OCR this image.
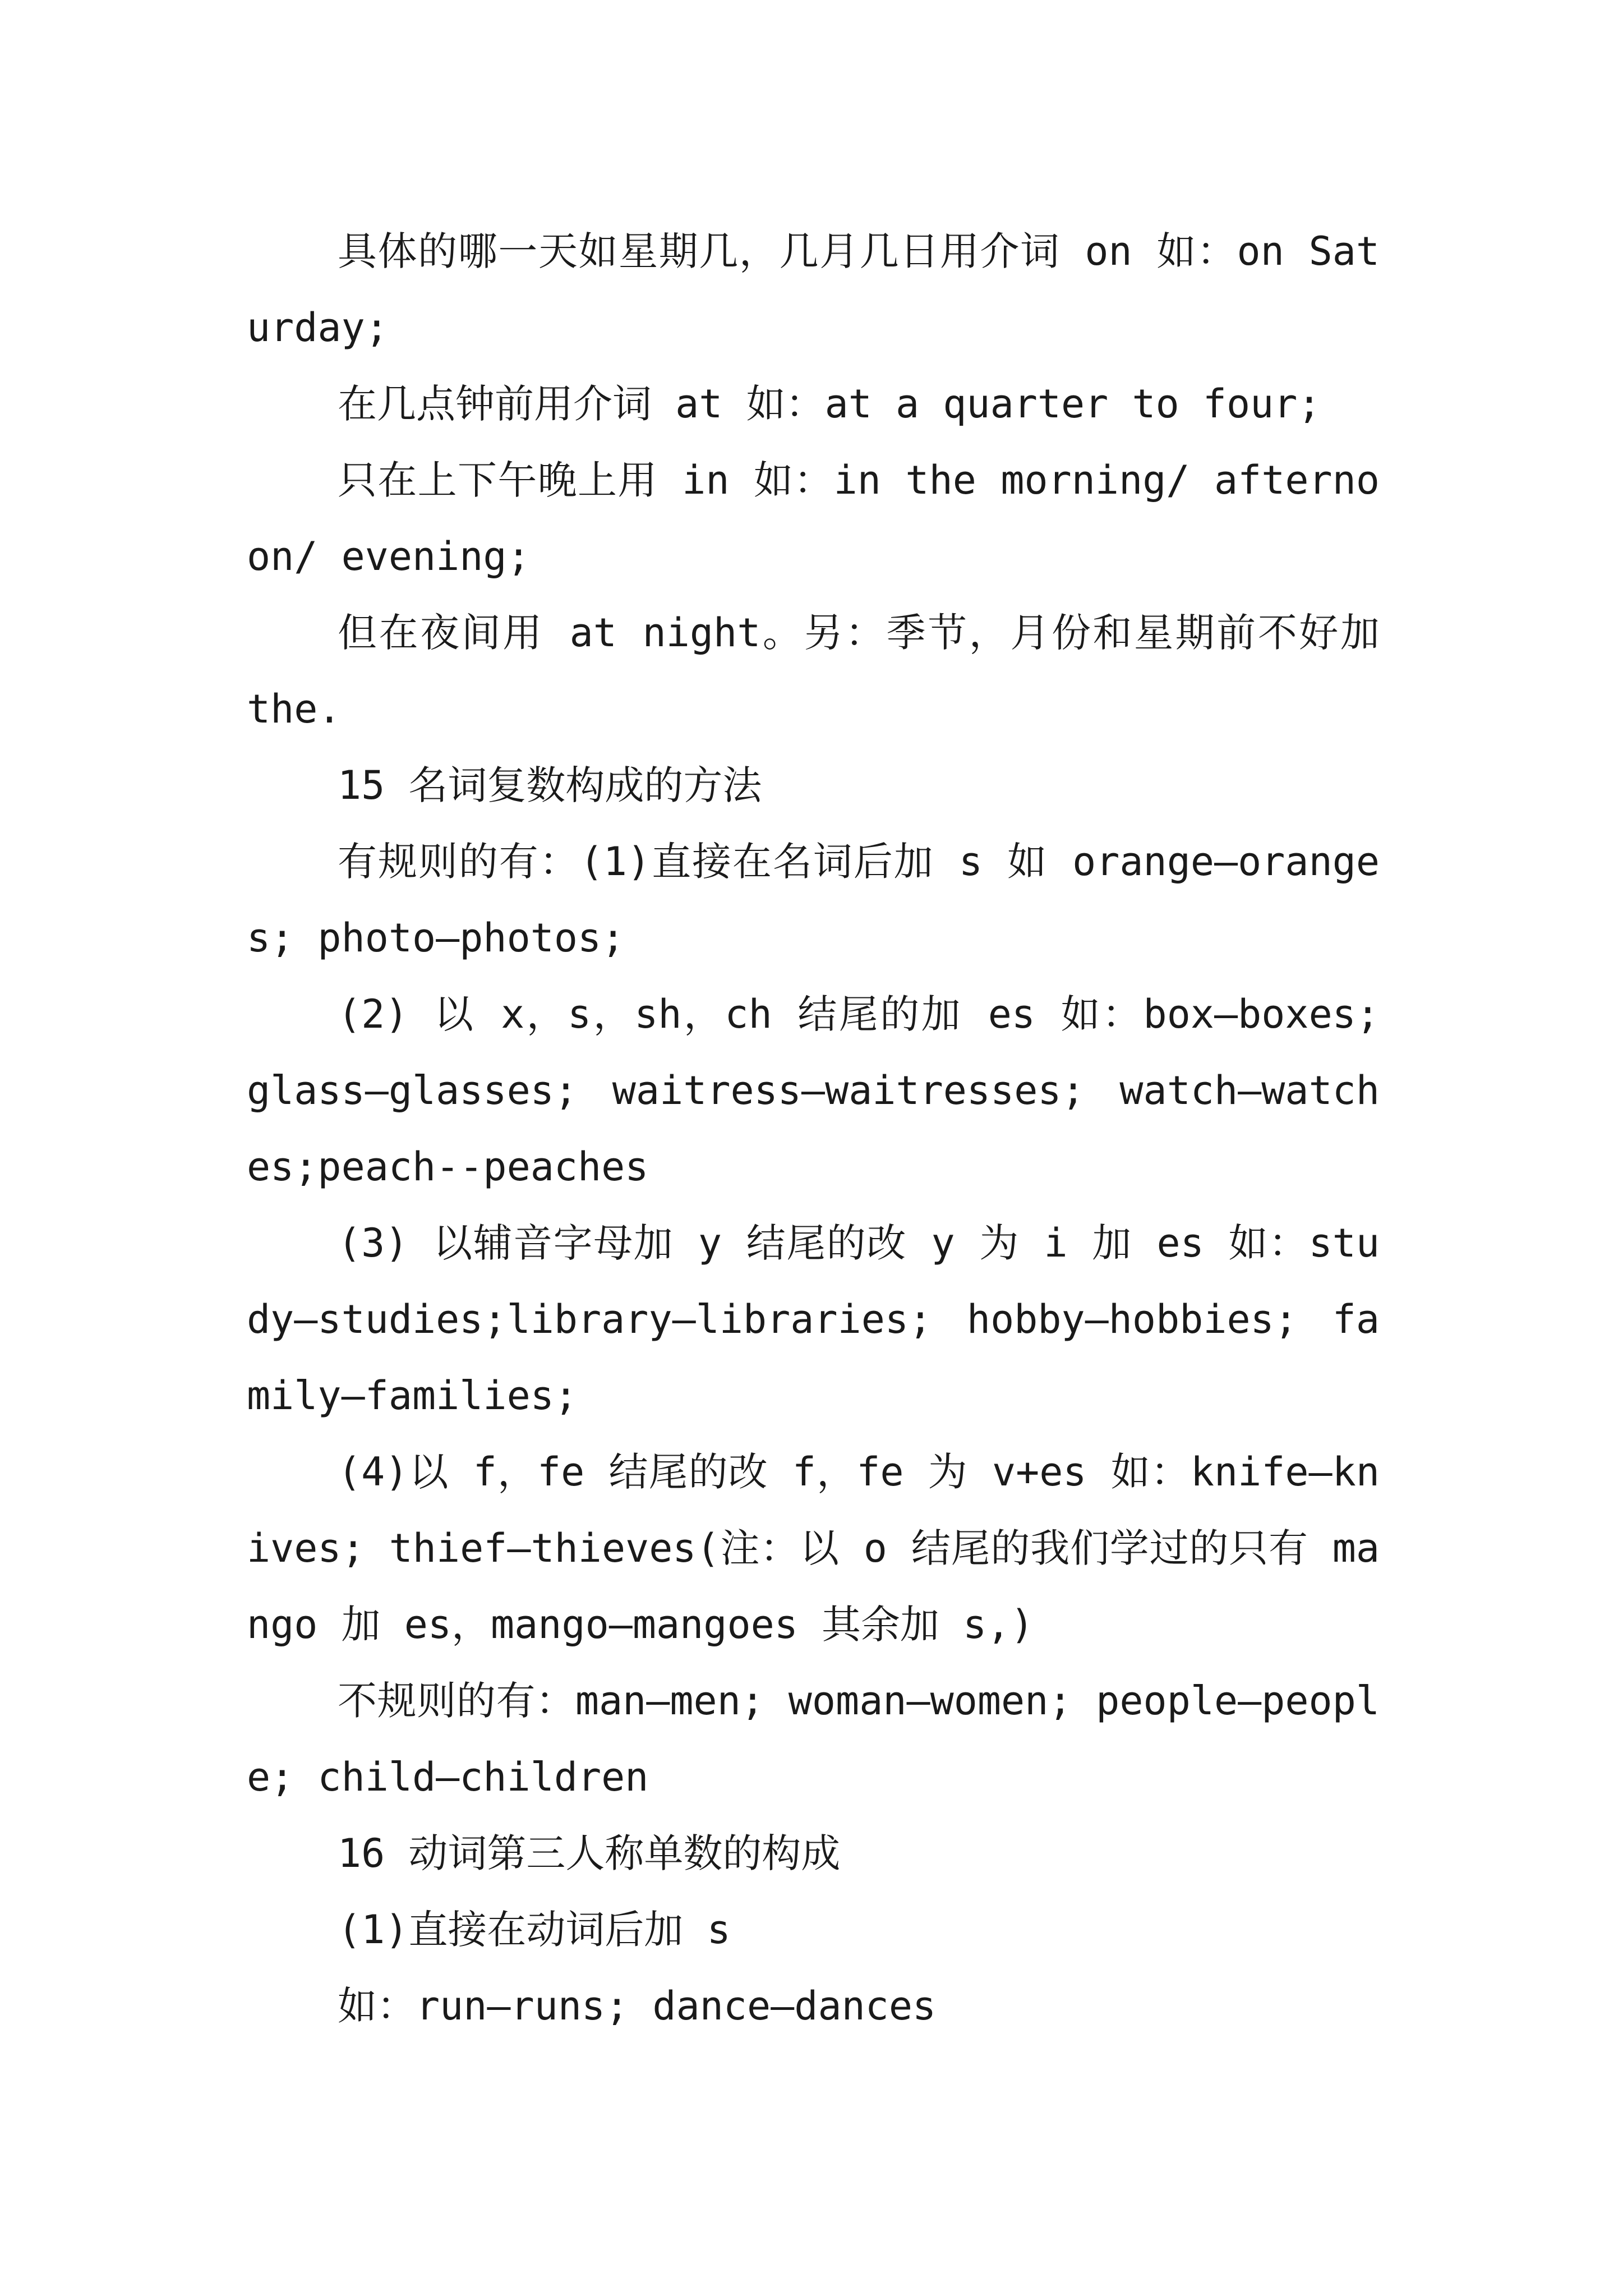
具体的哪一天如星期几，几月几日用介词 on 如：on Saturday;

在几点钟前用介词 at 如：at a quarter to four;

只在上下午晚上用 in 如：in the morning/ afternoon/ evening;

但在夜间用 at night。另：季节，月份和星期前不好加 the.

15 名词复数构成的方法

有规则的有：(1)直接在名词后加 s 如 orange—oranges; photo—photos;

(2) 以 x，s，sh，ch 结尾的加 es 如：box—boxes; glass—glasses; waitress—waitresses; watch—watches;peach--peaches

(3) 以辅音字母加 y 结尾的改 y 为 i 加 es 如：study—studies;library—libraries; hobby—hobbies; family—families;

(4)以 f，fe 结尾的改 f，fe 为 v+es 如：knife—knives; thief—thieves(注：以 o 结尾的我们学过的只有 mango 加 es，mango—mangoes 其余加 s,)

不规则的有：man—men; woman—women; people—people; child—children

16 动词第三人称单数的构成

(1)直接在动词后加 s

如：run—runs; dance—dances
